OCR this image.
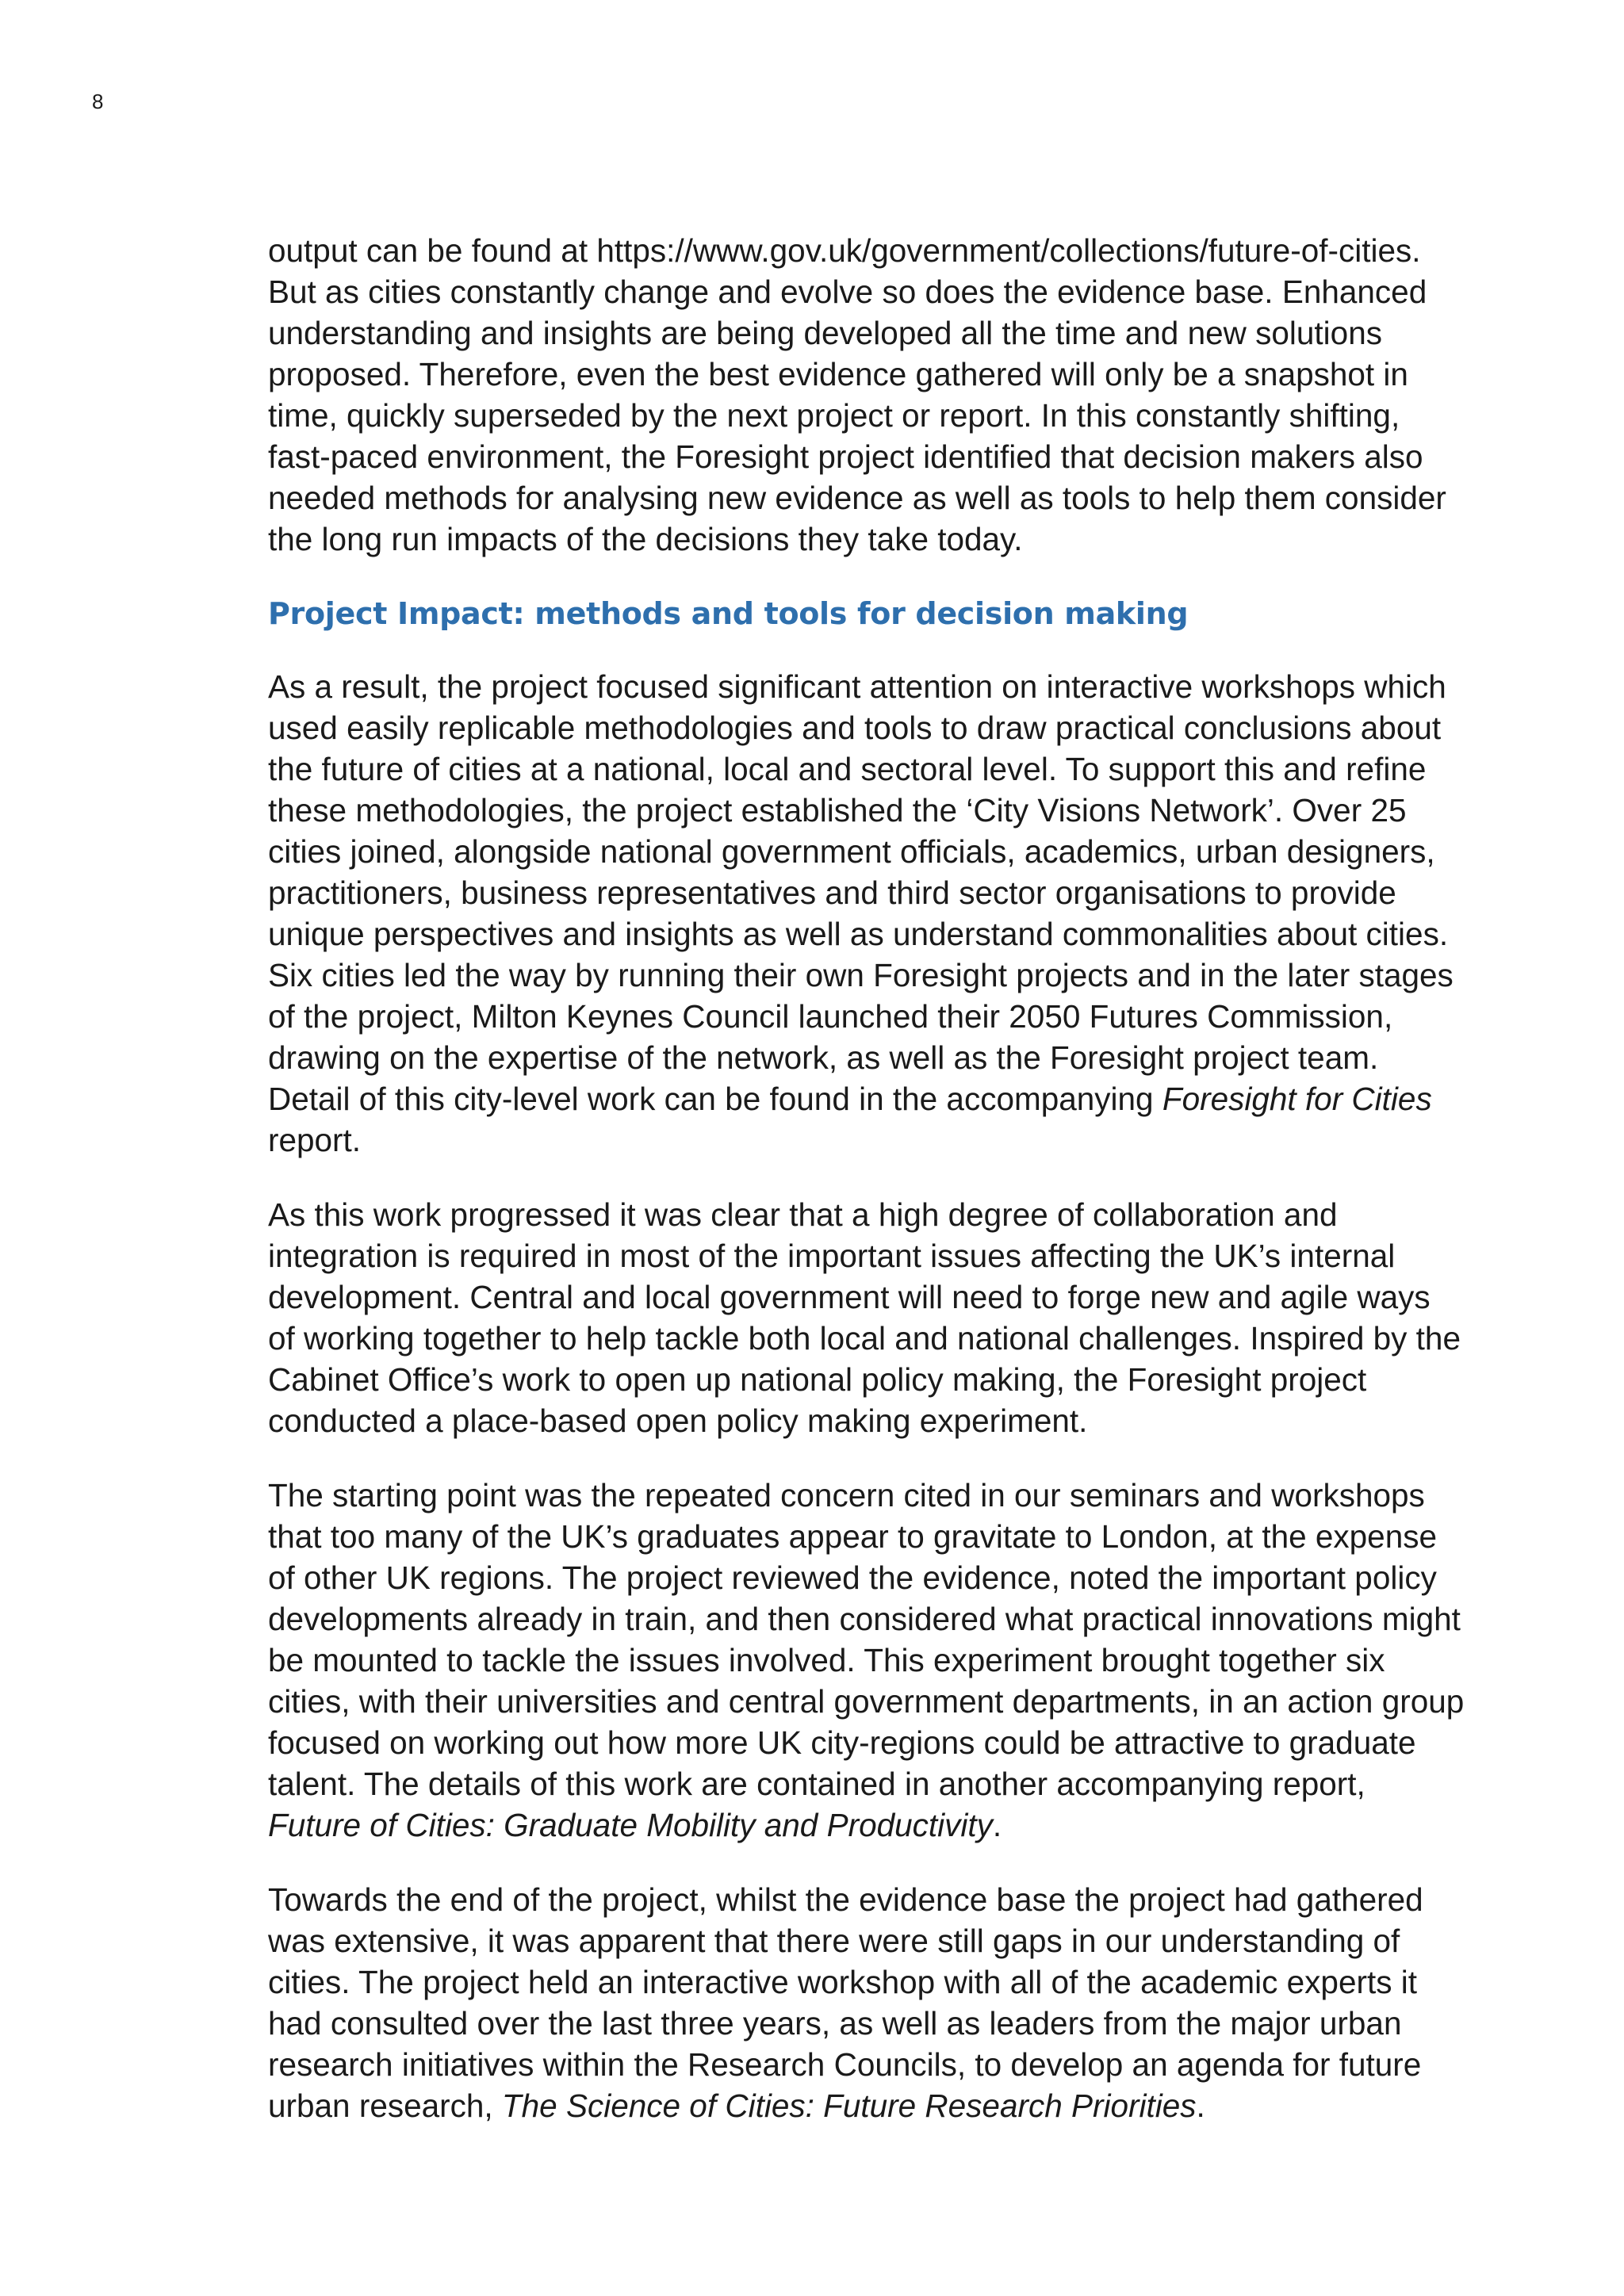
8

output can be found at https://www.gov.uk/government/collections/future-of-cities. But as cities constantly change and evolve so does the evidence base. Enhanced understanding and insights are being developed all the time and new solutions proposed. Therefore, even the best evidence gathered will only be a snapshot in time, quickly superseded by the next project or report. In this constantly shifting, fast-paced environment, the Foresight project identified that decision makers also needed methods for analysing new evidence as well as tools to help them consider the long run impacts of the decisions they take today.

Project Impact: methods and tools for decision making

As a result, the project focused significant attention on interactive workshops which used easily replicable methodologies and tools to draw practical conclusions about the future of cities at a national, local and sectoral level. To support this and refine these methodologies, the project established the ‘City Visions Network’. Over 25 cities joined, alongside national government officials, academics, urban designers, practitioners, business representatives and third sector organisations to provide unique perspectives and insights as well as understand commonalities about cities. Six cities led the way by running their own Foresight projects and in the later stages of the project, Milton Keynes Council launched their 2050 Futures Commission, drawing on the expertise of the network, as well as the Foresight project team. Detail of this city-level work can be found in the accompanying Foresight for Cities report.

As this work progressed it was clear that a high degree of collaboration and integration is required in most of the important issues affecting the UK’s internal development. Central and local government will need to forge new and agile ways of working together to help tackle both local and national challenges. Inspired by the Cabinet Office’s work to open up national policy making, the Foresight project conducted a place-based open policy making experiment.

The starting point was the repeated concern cited in our seminars and workshops that too many of the UK’s graduates appear to gravitate to London, at the expense of other UK regions. The project reviewed the evidence, noted the important policy developments already in train, and then considered what practical innovations might be mounted to tackle the issues involved. This experiment brought together six cities, with their universities and central government departments, in an action group focused on working out how more UK city-regions could be attractive to graduate talent. The details of this work are contained in another accompanying report, Future of Cities: Graduate Mobility and Productivity.

Towards the end of the project, whilst the evidence base the project had gathered was extensive, it was apparent that there were still gaps in our understanding of cities. The project held an interactive workshop with all of the academic experts it had consulted over the last three years, as well as leaders from the major urban research initiatives within the Research Councils, to develop an agenda for future urban research, The Science of Cities: Future Research Priorities.
